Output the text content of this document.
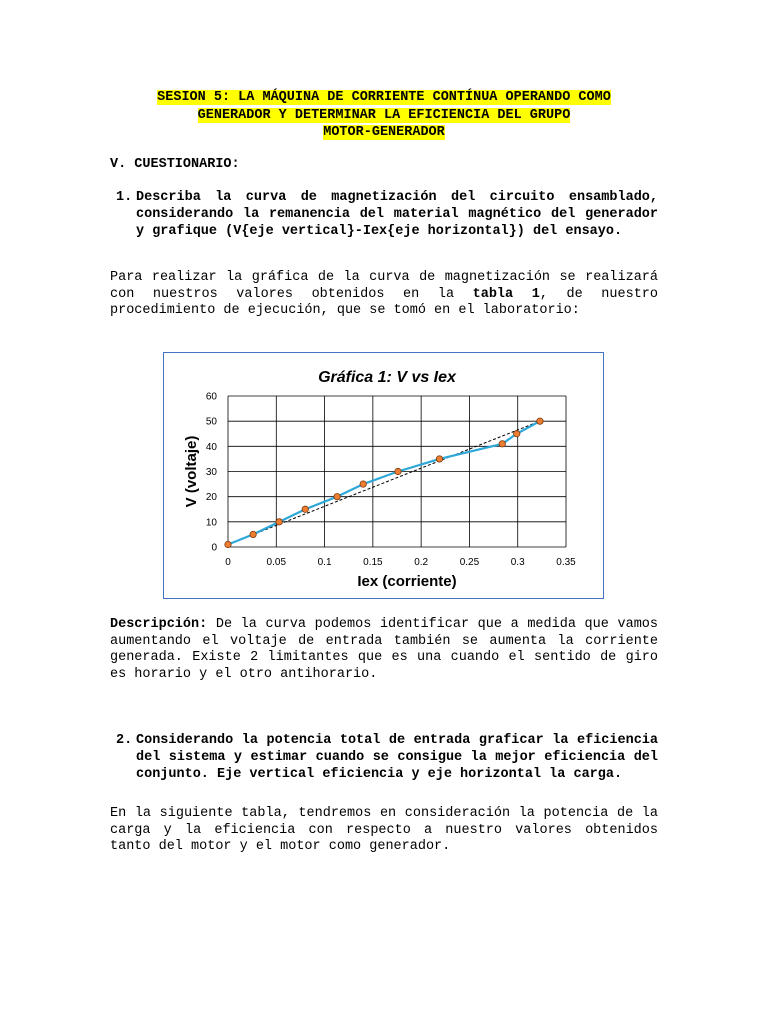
SESION 5: LA MÁQUINA DE CORRIENTE CONTÍNUA OPERANDO COMO
GENERADOR Y DETERMINAR LA EFICIENCIA DEL GRUPO
MOTOR-GENERADOR
V. CUESTIONARIO:
1. Describa la curva de magnetización del circuito ensamblado, considerando la remanencia del material magnético del generador y grafique (V{eje vertical}-Iex{eje horizontal}) del ensayo.
Para realizar la gráfica de la curva de magnetización se realizará con nuestros valores obtenidos en la tabla 1, de nuestro procedimiento de ejecución, que se tomó en el laboratorio:
Gráfica 1: V vs Iex
0
10
20
30
40
50
60
0	0.05	0.1	0.15	0.2	0.25	0.3	0.35
V (voltaje)
Iex (corriente)
Descripción: De la curva podemos identificar que a medida que vamos aumentando el voltaje de entrada también se aumenta la corriente generada. Existe 2 limitantes que es una cuando el sentido de giro es horario y el otro antihorario.
2. Considerando la potencia total de entrada graficar la eficiencia del sistema y estimar cuando se consigue la mejor eficiencia del conjunto. Eje vertical eficiencia y eje horizontal la carga.
En la siguiente tabla, tendremos en consideración la potencia de la carga y la eficiencia con respecto a nuestro valores obtenidos tanto del motor y el motor como generador.
